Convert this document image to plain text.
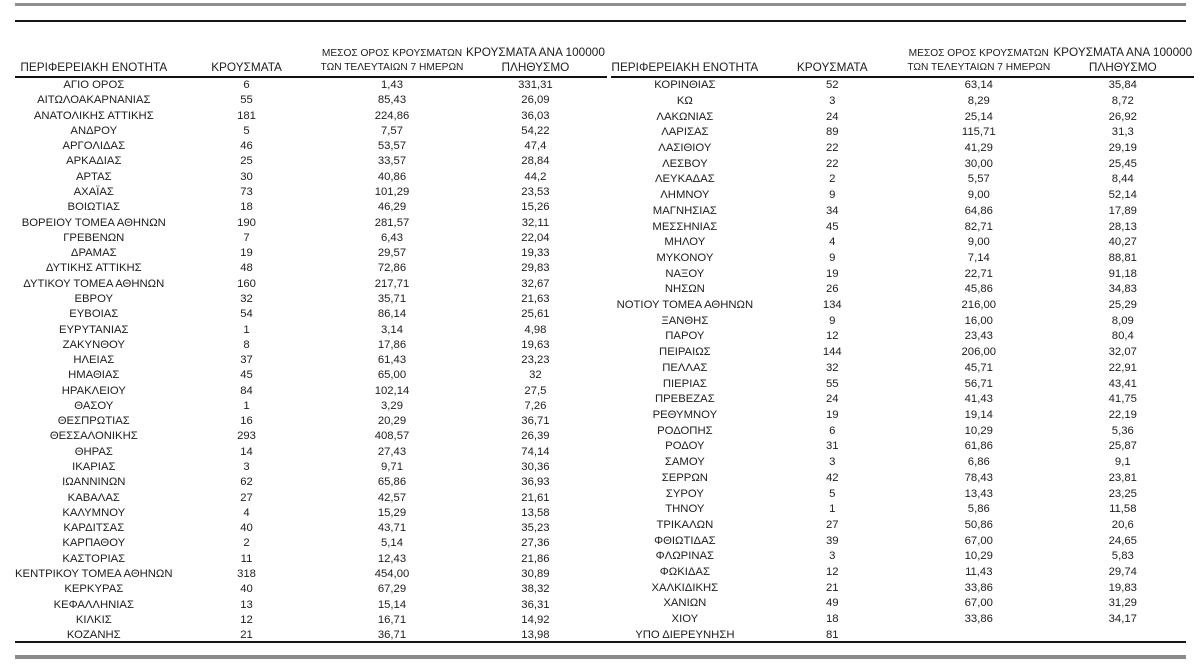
ΠΕΡΙΦΕΡΕΙΑΚΗ ΕΝΟΤΗΤΑ	ΚΡΟΥΣΜΑΤΑ	ΜΕΣΟΣ ΟΡΟΣ ΚΡΟΥΣΜΑΤΩΝ
ΤΩΝ ΤΕΛΕΥΤΑΙΩΝ 7 ΗΜΕΡΩΝ	ΚΡΟΥΣΜΑΤΑ ΑΝΑ 100000
ΠΛΗΘΥΣΜΟ
ΑΓΙΟ ΟΡΟΣ	6	1,43	331,31
ΑΙΤΩΛΟΑΚΑΡΝΑΝΙΑΣ	55	85,43	26,09
ΑΝΑΤΟΛΙΚΗΣ ΑΤΤΙΚΗΣ	181	224,86	36,03
ΑΝΔΡΟΥ	5	7,57	54,22
ΑΡΓΟΛΙΔΑΣ	46	53,57	47,4
ΑΡΚΑΔΙΑΣ	25	33,57	28,84
ΑΡΤΑΣ	30	40,86	44,2
ΑΧΑΪΑΣ	73	101,29	23,53
ΒΟΙΩΤΙΑΣ	18	46,29	15,26
ΒΟΡΕΙΟΥ ΤΟΜΕΑ ΑΘΗΝΩΝ	190	281,57	32,11
ΓΡΕΒΕΝΩΝ	7	6,43	22,04
ΔΡΑΜΑΣ	19	29,57	19,33
ΔΥΤΙΚΗΣ ΑΤΤΙΚΗΣ	48	72,86	29,83
ΔΥΤΙΚΟΥ ΤΟΜΕΑ ΑΘΗΝΩΝ	160	217,71	32,67
ΕΒΡΟΥ	32	35,71	21,63
ΕΥΒΟΙΑΣ	54	86,14	25,61
ΕΥΡΥΤΑΝΙΑΣ	1	3,14	4,98
ΖΑΚΥΝΘΟΥ	8	17,86	19,63
ΗΛΕΙΑΣ	37	61,43	23,23
ΗΜΑΘΙΑΣ	45	65,00	32
ΗΡΑΚΛΕΙΟΥ	84	102,14	27,5
ΘΑΣΟΥ	1	3,29	7,26
ΘΕΣΠΡΩΤΙΑΣ	16	20,29	36,71
ΘΕΣΣΑΛΟΝΙΚΗΣ	293	408,57	26,39
ΘΗΡΑΣ	14	27,43	74,14
ΙΚΑΡΙΑΣ	3	9,71	30,36
ΙΩΑΝΝΙΝΩΝ	62	65,86	36,93
ΚΑΒΑΛΑΣ	27	42,57	21,61
ΚΑΛΥΜΝΟΥ	4	15,29	13,58
ΚΑΡΔΙΤΣΑΣ	40	43,71	35,23
ΚΑΡΠΑΘΟΥ	2	5,14	27,36
ΚΑΣΤΟΡΙΑΣ	11	12,43	21,86
ΚΕΝΤΡΙΚΟΥ ΤΟΜΕΑ ΑΘΗΝΩΝ	318	454,00	30,89
ΚΕΡΚΥΡΑΣ	40	67,29	38,32
ΚΕΦΑΛΛΗΝΙΑΣ	13	15,14	36,31
ΚΙΛΚΙΣ	12	16,71	14,92
ΚΟΖΑΝΗΣ	21	36,71	13,98
ΠΕΡΙΦΕΡΕΙΑΚΗ ΕΝΟΤΗΤΑ	ΚΡΟΥΣΜΑΤΑ	ΜΕΣΟΣ ΟΡΟΣ ΚΡΟΥΣΜΑΤΩΝ
ΤΩΝ ΤΕΛΕΥΤΑΙΩΝ 7 ΗΜΕΡΩΝ	ΚΡΟΥΣΜΑΤΑ ΑΝΑ 100000
ΠΛΗΘΥΣΜΟ
ΚΟΡΙΝΘΙΑΣ	52	63,14	35,84
ΚΩ	3	8,29	8,72
ΛΑΚΩΝΙΑΣ	24	25,14	26,92
ΛΑΡΙΣΑΣ	89	115,71	31,3
ΛΑΣΙΘΙΟΥ	22	41,29	29,19
ΛΕΣΒΟΥ	22	30,00	25,45
ΛΕΥΚΑΔΑΣ	2	5,57	8,44
ΛΗΜΝΟΥ	9	9,00	52,14
ΜΑΓΝΗΣΙΑΣ	34	64,86	17,89
ΜΕΣΣΗΝΙΑΣ	45	82,71	28,13
ΜΗΛΟΥ	4	9,00	40,27
ΜΥΚΟΝΟΥ	9	7,14	88,81
ΝΑΞΟΥ	19	22,71	91,18
ΝΗΣΩΝ	26	45,86	34,83
ΝΟΤΙΟΥ ΤΟΜΕΑ ΑΘΗΝΩΝ	134	216,00	25,29
ΞΑΝΘΗΣ	9	16,00	8,09
ΠΑΡΟΥ	12	23,43	80,4
ΠΕΙΡΑΙΩΣ	144	206,00	32,07
ΠΕΛΛΑΣ	32	45,71	22,91
ΠΙΕΡΙΑΣ	55	56,71	43,41
ΠΡΕΒΕΖΑΣ	24	41,43	41,75
ΡΕΘΥΜΝΟΥ	19	19,14	22,19
ΡΟΔΟΠΗΣ	6	10,29	5,36
ΡΟΔΟΥ	31	61,86	25,87
ΣΑΜΟΥ	3	6,86	9,1
ΣΕΡΡΩΝ	42	78,43	23,81
ΣΥΡΟΥ	5	13,43	23,25
ΤΗΝΟΥ	1	5,86	11,58
ΤΡΙΚΑΛΩΝ	27	50,86	20,6
ΦΘΙΩΤΙΔΑΣ	39	67,00	24,65
ΦΛΩΡΙΝΑΣ	3	10,29	5,83
ΦΩΚΙΔΑΣ	12	11,43	29,74
ΧΑΛΚΙΔΙΚΗΣ	21	33,86	19,83
ΧΑΝΙΩΝ	49	67,00	31,29
ΧΙΟΥ	18	33,86	34,17
ΥΠΟ ΔΙΕΡΕΥΝΗΣΗ	81		
